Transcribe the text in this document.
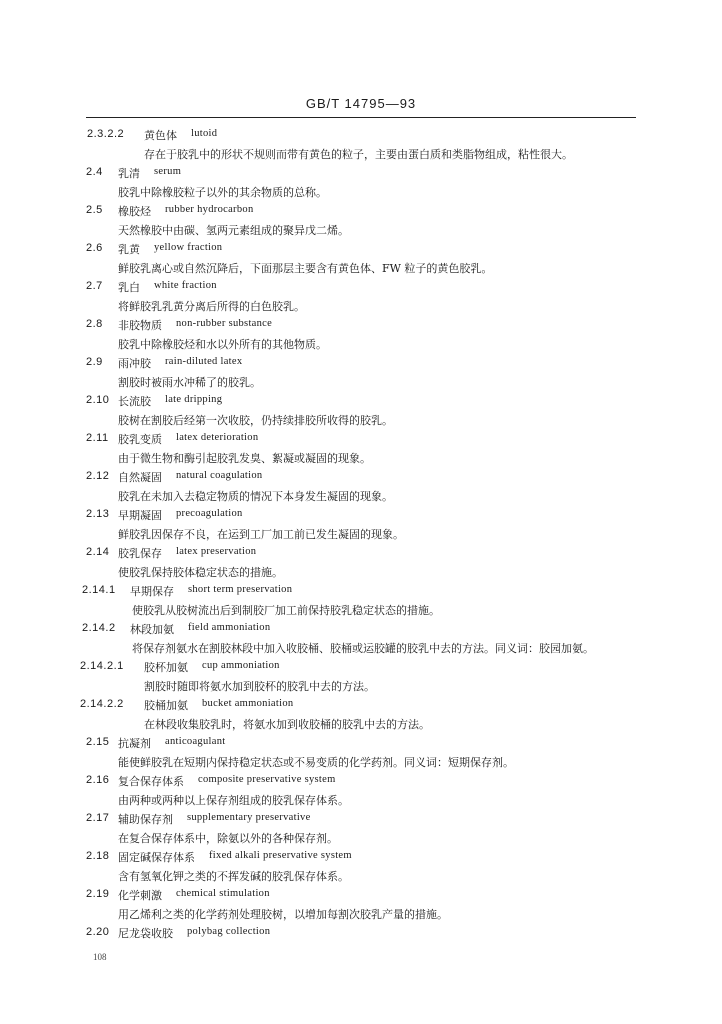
GB/T 14795—93
2.3.2.2 黄色体 lutoid
存在于胶乳中的形状不规则而带有黄色的粒子，主要由蛋白质和类脂物组成，粘性很大。
2.4 乳清 serum
胶乳中除橡胶粒子以外的其余物质的总称。
2.5 橡胶烃 rubber hydrocarbon
天然橡胶中由碳、氢两元素组成的聚异戊二烯。
2.6 乳黄 yellow fraction
鲜胶乳离心或自然沉降后，下面那层主要含有黄色体、FW 粒子的黄色胶乳。
2.7 乳白 white fraction
将鲜胶乳乳黄分离后所得的白色胶乳。
2.8 非胶物质 non-rubber substance
胶乳中除橡胶烃和水以外所有的其他物质。
2.9 雨冲胶 rain-diluted latex
割胶时被雨水冲稀了的胶乳。
2.10 长流胶 late dripping
胶树在割胶后经第一次收胶，仍持续排胶所收得的胶乳。
2.11 胶乳变质 latex deterioration
由于微生物和酶引起胶乳发臭、絮凝或凝固的现象。
2.12 自然凝固 natural coagulation
胶乳在未加入去稳定物质的情况下本身发生凝固的现象。
2.13 早期凝固 precoagulation
鲜胶乳因保存不良，在运到工厂加工前已发生凝固的现象。
2.14 胶乳保存 latex preservation
使胶乳保持胶体稳定状态的措施。
2.14.1 早期保存 short term preservation
使胶乳从胶树流出后到制胶厂加工前保持胶乳稳定状态的措施。
2.14.2 林段加氨 field ammoniation
将保存剂氨水在割胶林段中加入收胶桶、胶桶或运胶罐的胶乳中去的方法。同义词：胶园加氨。
2.14.2.1 胶杯加氨 cup ammoniation
割胶时随即将氨水加到胶杯的胶乳中去的方法。
2.14.2.2 胶桶加氨 bucket ammoniation
在林段收集胶乳时，将氨水加到收胶桶的胶乳中去的方法。
2.15 抗凝剂 anticoagulant
能使鲜胶乳在短期内保持稳定状态或不易变质的化学药剂。同义词：短期保存剂。
2.16 复合保存体系 composite preservative system
由两种或两种以上保存剂组成的胶乳保存体系。
2.17 辅助保存剂 supplementary preservative
在复合保存体系中，除氨以外的各种保存剂。
2.18 固定碱保存体系 fixed alkali preservative system
含有氢氧化钾之类的不挥发碱的胶乳保存体系。
2.19 化学刺激 chemical stimulation
用乙烯利之类的化学药剂处理胶树，以增加每割次胶乳产量的措施。
2.20 尼龙袋收胶 polybag collection
108
